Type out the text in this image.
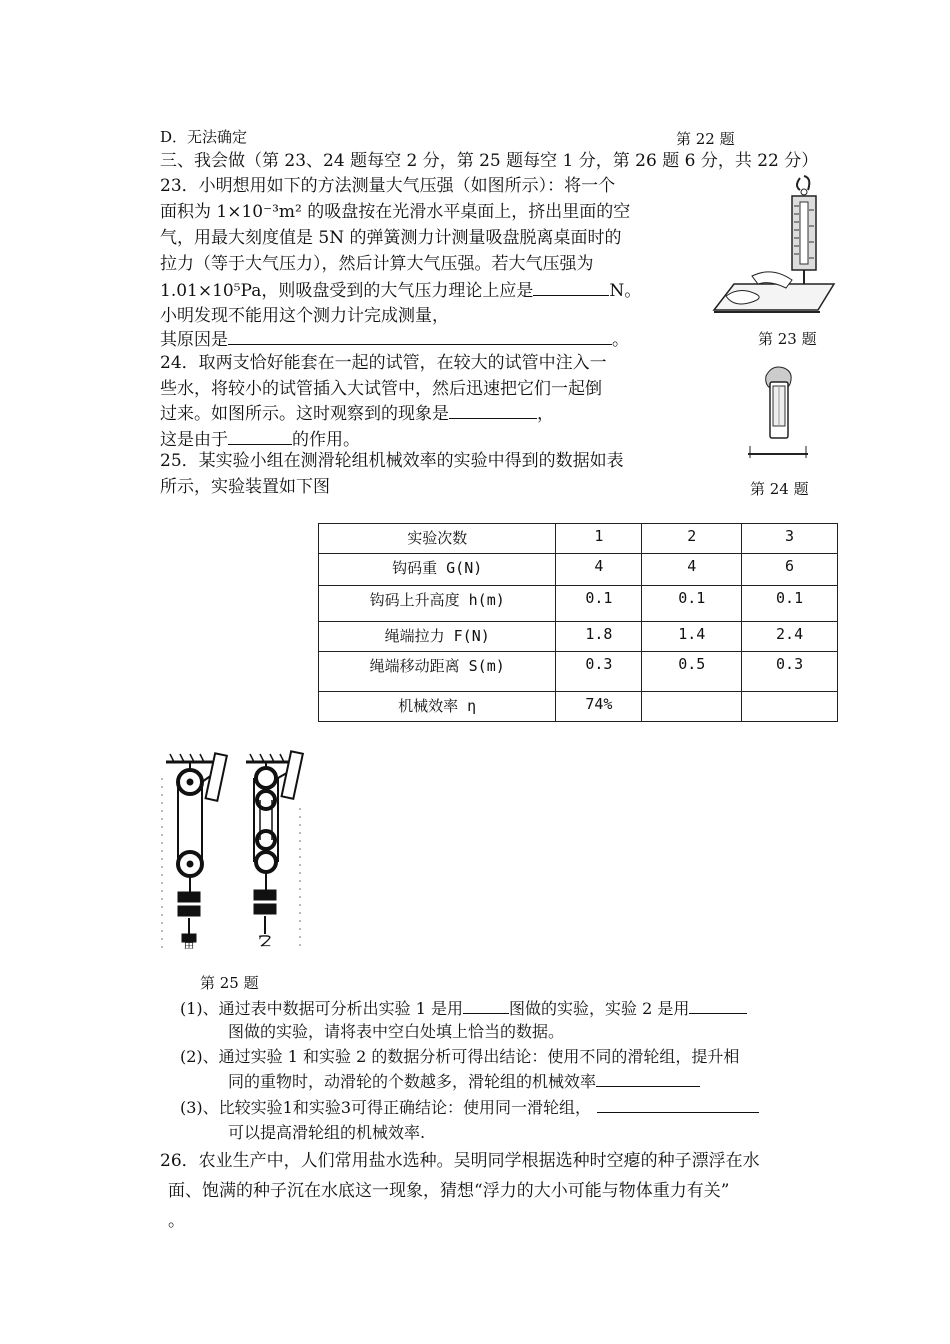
D．无法确定	第 22 题
三、我会做（第 23、24 题每空 2 分，第 25 题每空 1 分，第 26 题 6 分，共 22 分）
23．小明想用如下的方法测量大气压强（如图所示）：将一个
面积为 1×10⁻³m² 的吸盘按在光滑水平桌面上，挤出里面的空
气，用最大刻度值是 5N 的弹簧测力计测量吸盘脱离桌面时的
拉力（等于大气压力），然后计算大气压强。若大气压强为
1.01×10⁵Pa，则吸盘受到的大气压力理论上应是	N。
小明发现不能用这个测力计完成测量，
其原因是	。	第 23 题
24．取两支恰好能套在一起的试管，在较大的试管中注入一
些水，将较小的试管插入大试管中，然后迅速把它们一起倒
过来。如图所示。这时观察到的现象是	，
这是由于	的作用。
第 24 题
25．某实验小组在测滑轮组机械效率的实验中得到的数据如表
所示，实验装置如下图
实验次数	1	2	3
钩码重 G(N)	4	4	6
钩码上升高度 h(m)	0.1	0.1	0.1
绳端拉力 F(N)	1.8	1.4	2.4
绳端移动距离 S(m)	0.3	0.5	0.3
机械效率 η	74%		
甲	乙
第 25 题
(1)、通过表中数据可分析出实验 1 是用	图做的实验，实验 2 是用
图做的实验，请将表中空白处填上恰当的数据。
(2)、通过实验 1 和实验 2 的数据分析可得出结论：使用不同的滑轮组，提升相
同的重物时，动滑轮的个数越多，滑轮组的机械效率
(3)、比较实验1和实验3可得正确结论：使用同一滑轮组，
可以提高滑轮组的机械效率.
26．农业生产中，人们常用盐水选种。吴明同学根据选种时空瘪的种子漂浮在水
面、饱满的种子沉在水底这一现象，猜想“浮力的大小可能与物体重力有关”
。
